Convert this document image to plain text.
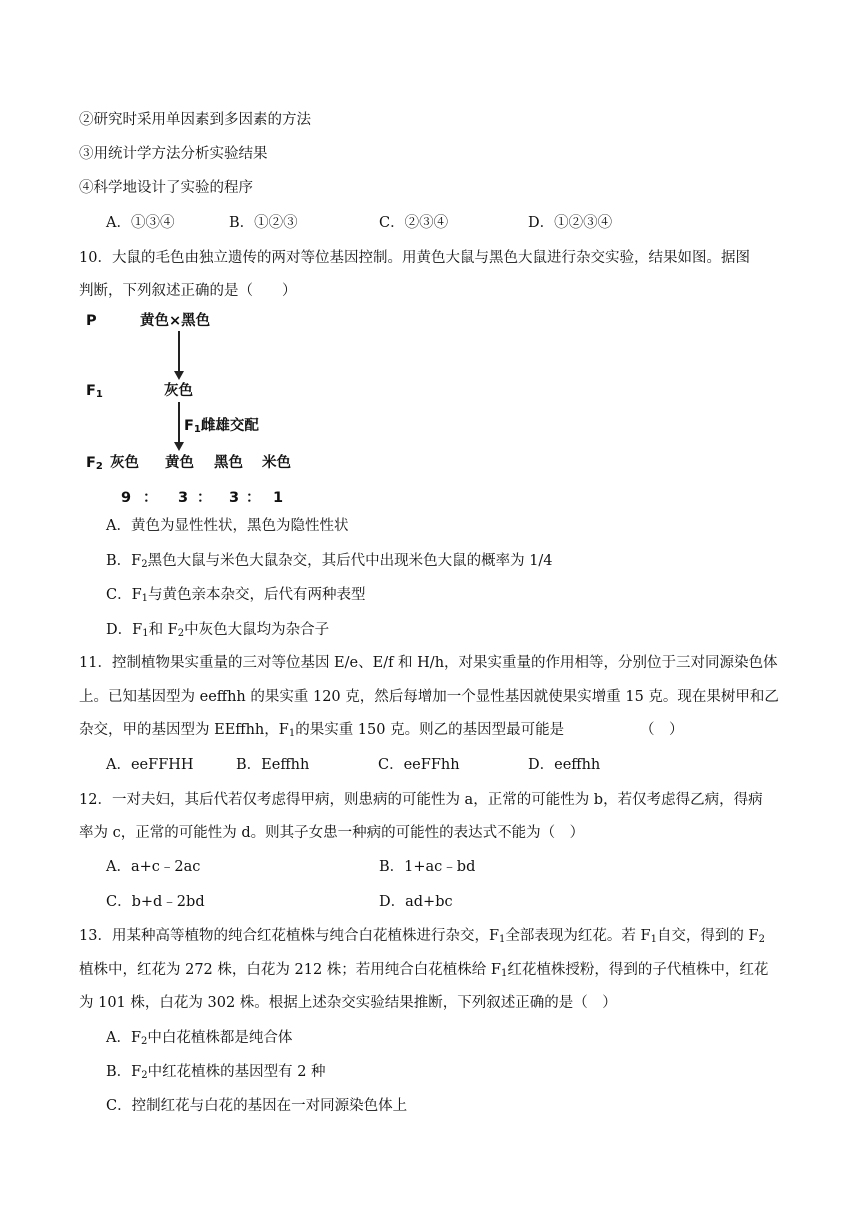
②研究时采用单因素到多因素的方法
③用统计学方法分析实验结果
④科学地设计了实验的程序
A．①③④	B．①②③	C．②③④	D．①②③④
10．大鼠的毛色由独立遗传的两对等位基因控制。用黄色大鼠与黑色大鼠进行杂交实验，结果如图。据图
判断，下列叙述正确的是（　　）
P	黄色×黑色
$F_1$	灰色
$F_1$雌雄交配
$F_2$ 灰色 黄色 黑色 米色
9 ： 3 ： 3 ： 1
A．黄色为显性性状，黑色为隐性性状
B．$F_2$黑色大鼠与米色大鼠杂交，其后代中出现米色大鼠的概率为 1/4
C．$F_1$与黄色亲本杂交，后代有两种表型
D．$F_1$和 $F_2$中灰色大鼠均为杂合子
11．控制植物果实重量的三对等位基因 E/e、E/f 和 H/h，对果实重量的作用相等，分别位于三对同源染色体
上。已知基因型为 eeffhh 的果实重 120 克，然后每增加一个显性基因就使果实增重 15 克。现在果树甲和乙
杂交，甲的基因型为 EEffhh，$F_1$的果实重 150 克。则乙的基因型最可能是	（　）
A．eeFFHH	B．Eeffhh	C．eeFFhh	D．eeffhh
12．一对夫妇，其后代若仅考虑得甲病，则患病的可能性为 a，正常的可能性为 b，若仅考虑得乙病，得病
率为 c，正常的可能性为 d。则其子女患一种病的可能性的表达式不能为（　）
A．a+c﹣2ac	B．1+ac﹣bd
C．b+d﹣2bd	D．ad+bc
13．用某种高等植物的纯合红花植株与纯合白花植株进行杂交，$F_1$全部表现为红花。若 $F_1$自交，得到的 $F_2$
植株中，红花为 272 株，白花为 212 株；若用纯合白花植株给 $F_1$红花植株授粉，得到的子代植株中，红花
为 101 株，白花为 302 株。根据上述杂交实验结果推断，下列叙述正确的是（　）
A．$F_2$中白花植株都是纯合体
B．$F_2$中红花植株的基因型有 2 种
C．控制红花与白花的基因在一对同源染色体上
